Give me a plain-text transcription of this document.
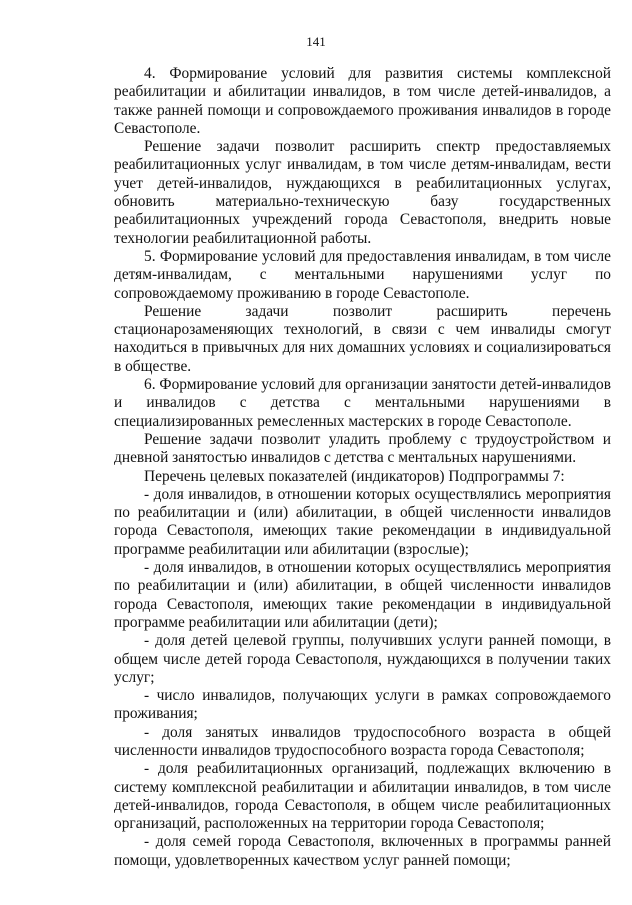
141

4. Формирование условий для развития системы комплексной реабилитации и абилитации инвалидов, в том числе детей-инвалидов, а также ранней помощи и сопровождаемого проживания инвалидов в городе Севастополе.

Решение задачи позволит расширить спектр предоставляемых реабилитационных услуг инвалидам, в том числе детям-инвалидам, вести учет детей-инвалидов, нуждающихся в реабилитационных услугах, обновить материально-техническую базу государственных реабилитационных учреждений города Севастополя, внедрить новые технологии реабилитационной работы.

5. Формирование условий для предоставления инвалидам, в том числе детям-инвалидам, с ментальными нарушениями услуг по сопровождаемому проживанию в городе Севастополе.

Решение задачи позволит расширить перечень стационарозаменяющих технологий, в связи с чем инвалиды смогут находиться в привычных для них домашних условиях и социализироваться в обществе.

6. Формирование условий для организации занятости детей-инвалидов и инвалидов с детства с ментальными нарушениями в специализированных ремесленных мастерских в городе Севастополе.

Решение задачи позволит уладить проблему с трудоустройством и дневной занятостью инвалидов с детства с ментальных нарушениями.

Перечень целевых показателей (индикаторов) Подпрограммы 7:

- доля инвалидов, в отношении которых осуществлялись мероприятия по реабилитации и (или) абилитации, в общей численности инвалидов города Севастополя, имеющих такие рекомендации в индивидуальной программе реабилитации или абилитации (взрослые);

- доля инвалидов, в отношении которых осуществлялись мероприятия по реабилитации и (или) абилитации, в общей численности инвалидов города Севастополя, имеющих такие рекомендации в индивидуальной программе реабилитации или абилитации (дети);

- доля детей целевой группы, получивших услуги ранней помощи, в общем числе детей города Севастополя, нуждающихся в получении таких услуг;

- число инвалидов, получающих услуги в рамках сопровождаемого проживания;

- доля занятых инвалидов трудоспособного возраста в общей численности инвалидов трудоспособного возраста города Севастополя;

- доля реабилитационных организаций, подлежащих включению в систему комплексной реабилитации и абилитации инвалидов, в том числе детей-инвалидов, города Севастополя, в общем числе реабилитационных организаций, расположенных на территории города Севастополя;

- доля семей города Севастополя, включенных в программы ранней помощи, удовлетворенных качеством услуг ранней помощи;
